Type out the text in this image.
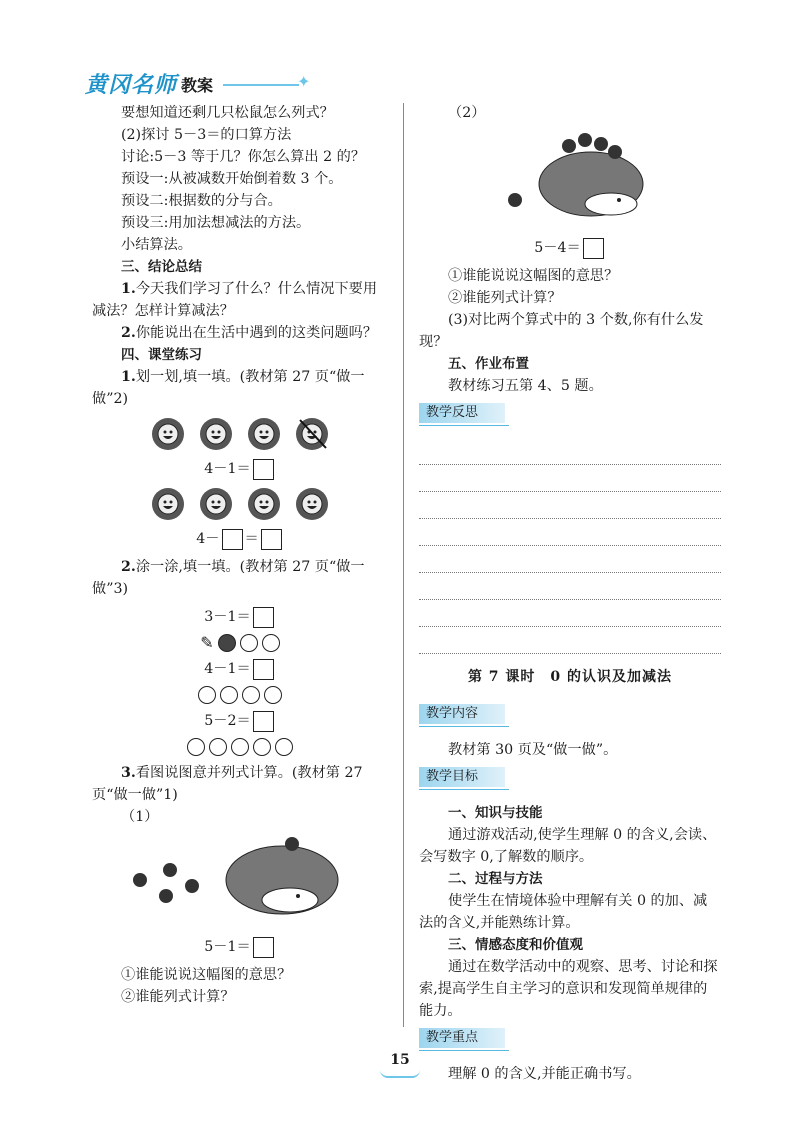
黄冈名师 教案	✦

要想知道还剩几只松鼠怎么列式？

(2)探讨 5－3＝的口算方法

讨论:5－3 等于几？你怎么算出 2 的？

预设一:从被减数开始倒着数 3 个。

预设二:根据数的分与合。

预设三:用加法想减法的方法。

小结算法。

三、结论总结

1.今天我们学习了什么？什么情况下要用减法？怎样计算减法？

2.你能说出在生活中遇到的这类问题吗？

四、课堂练习

1.划一划,填一填。(教材第 27 页“做一做”2)

4－1＝
4－ ＝

2.涂一涂,填一填。(教材第 27 页“做一做”3)

3－1＝
✎
4－1＝
5－2＝

3.看图说图意并列式计算。(教材第 27 页“做一做”1)

（1）

5－1＝

①谁能说说这幅图的意思？

②谁能列式计算？

（2）

5－4＝

①谁能说说这幅图的意思？

②谁能列式计算？

(3)对比两个算式中的 3 个数,你有什么发现？

五、作业布置

教材练习五第 4、5 题。

教学反思
第 7 课时　0 的认识及加减法
教学内容

教材第 30 页及“做一做”。

教学目标

一、知识与技能

通过游戏活动,使学生理解 0 的含义,会读、会写数字 0,了解数的顺序。

二、过程与方法

使学生在情境体验中理解有关 0 的加、减法的含义,并能熟练计算。

三、情感态度和价值观

通过在数学活动中的观察、思考、讨论和探索,提高学生自主学习的意识和发现简单规律的能力。

教学重点

理解 0 的含义,并能正确书写。

15
